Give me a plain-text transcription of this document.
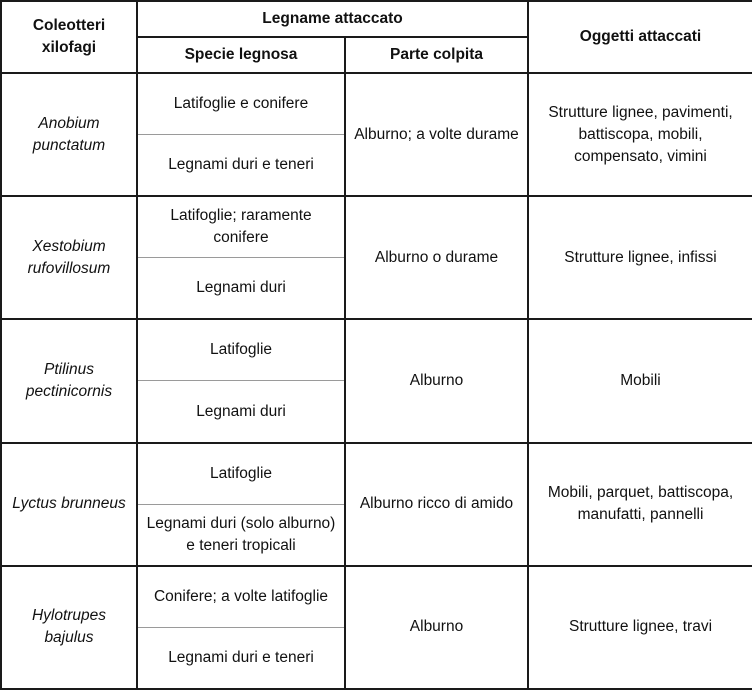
Coleotteri xilofagi	Legname attaccato		Oggetti attaccati
	Specie legnosa	Parte colpita	
Anobium punctatum	Latifoglie e conifere	Alburno; a volte durame	Strutture lignee, pavimenti, battiscopa, mobili, compensato, vimini
	Legnami duri e teneri		
Xestobium rufovillosum	Latifoglie; raramente conifere	Alburno o durame	Strutture lignee, infissi
	Legnami duri		
Ptilinus pectinicornis	Latifoglie	Alburno	Mobili
	Legnami duri		
Lyctus brunneus	Latifoglie	Alburno ricco di amido	Mobili, parquet, battiscopa, manufatti, pannelli
	Legnami duri (solo alburno) e teneri tropicali		
Hylotrupes bajulus	Conifere; a volte latifoglie	Alburno	Strutture lignee, travi
	Legnami duri e teneri		
